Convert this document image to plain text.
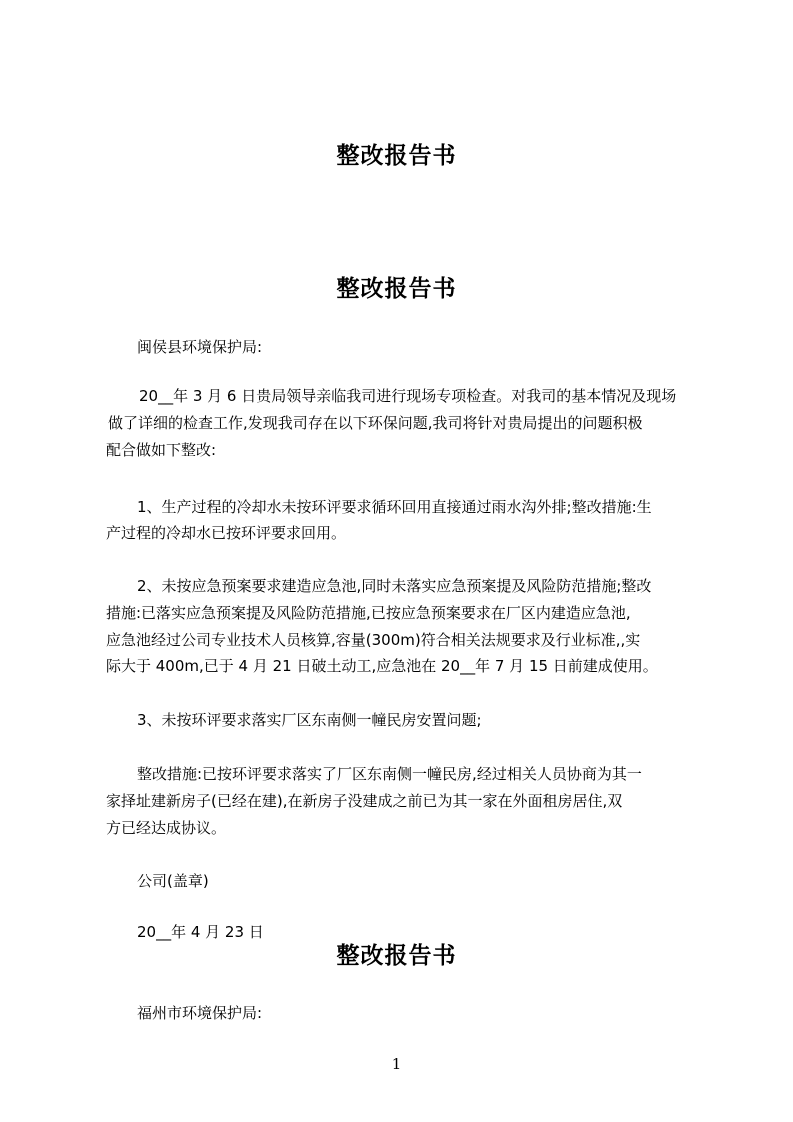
整改报告书
整改报告书
闽侯县环境保护局:
20__年 3 月 6 日贵局领导亲临我司进行现场专项检查。对我司的基本情况及现场
做了详细的检查工作,发现我司存在以下环保问题,我司将针对贵局提出的问题积极
配合做如下整改:
1、生产过程的冷却水未按环评要求循环回用直接通过雨水沟外排;整改措施:生
产过程的冷却水已按环评要求回用。
2、未按应急预案要求建造应急池,同时未落实应急预案提及风险防范措施;整改
措施:已落实应急预案提及风险防范措施,已按应急预案要求在厂区内建造应急池,
应急池经过公司专业技术人员核算,容量(300m)符合相关法规要求及行业标准,,实
际大于 400m,已于 4 月 21 日破土动工,应急池在 20__年 7 月 15 日前建成使用。
3、未按环评要求落实厂区东南侧一幢民房安置问题;
整改措施:已按环评要求落实了厂区东南侧一幢民房,经过相关人员协商为其一
家择址建新房子(已经在建),在新房子没建成之前已为其一家在外面租房居住,双
方已经达成协议。
公司(盖章)
20__年 4 月 23 日
整改报告书
福州市环境保护局:
1
